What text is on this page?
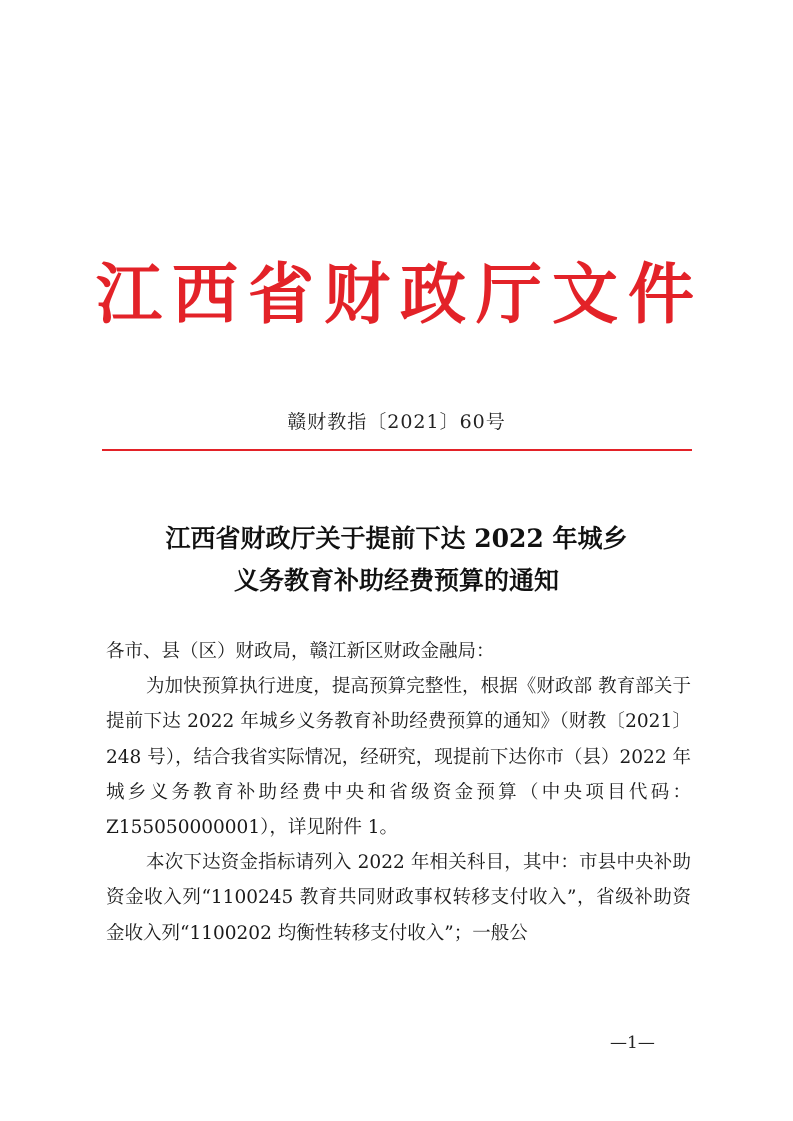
江西省财政厅文件
赣财教指〔2021〕60号
江西省财政厅关于提前下达 2022 年城乡
义务教育补助经费预算的通知

各市、县（区）财政局，赣江新区财政金融局：

为加快预算执行进度，提高预算完整性，根据《财政部 教育部关于提前下达 2022 年城乡义务教育补助经费预算的通知》（财教〔2021〕248 号），结合我省实际情况，经研究，现提前下达你市（县）2022 年城乡义务教育补助经费中央和省级资金预算（中央项目代码：Z155050000001），详见附件 1。

本次下达资金指标请列入 2022 年相关科目，其中：市县中央补助资金收入列“1100245 教育共同财政事权转移支付收入”，省级补助资金收入列“1100202 均衡性转移支付收入”；一般公

—1—
